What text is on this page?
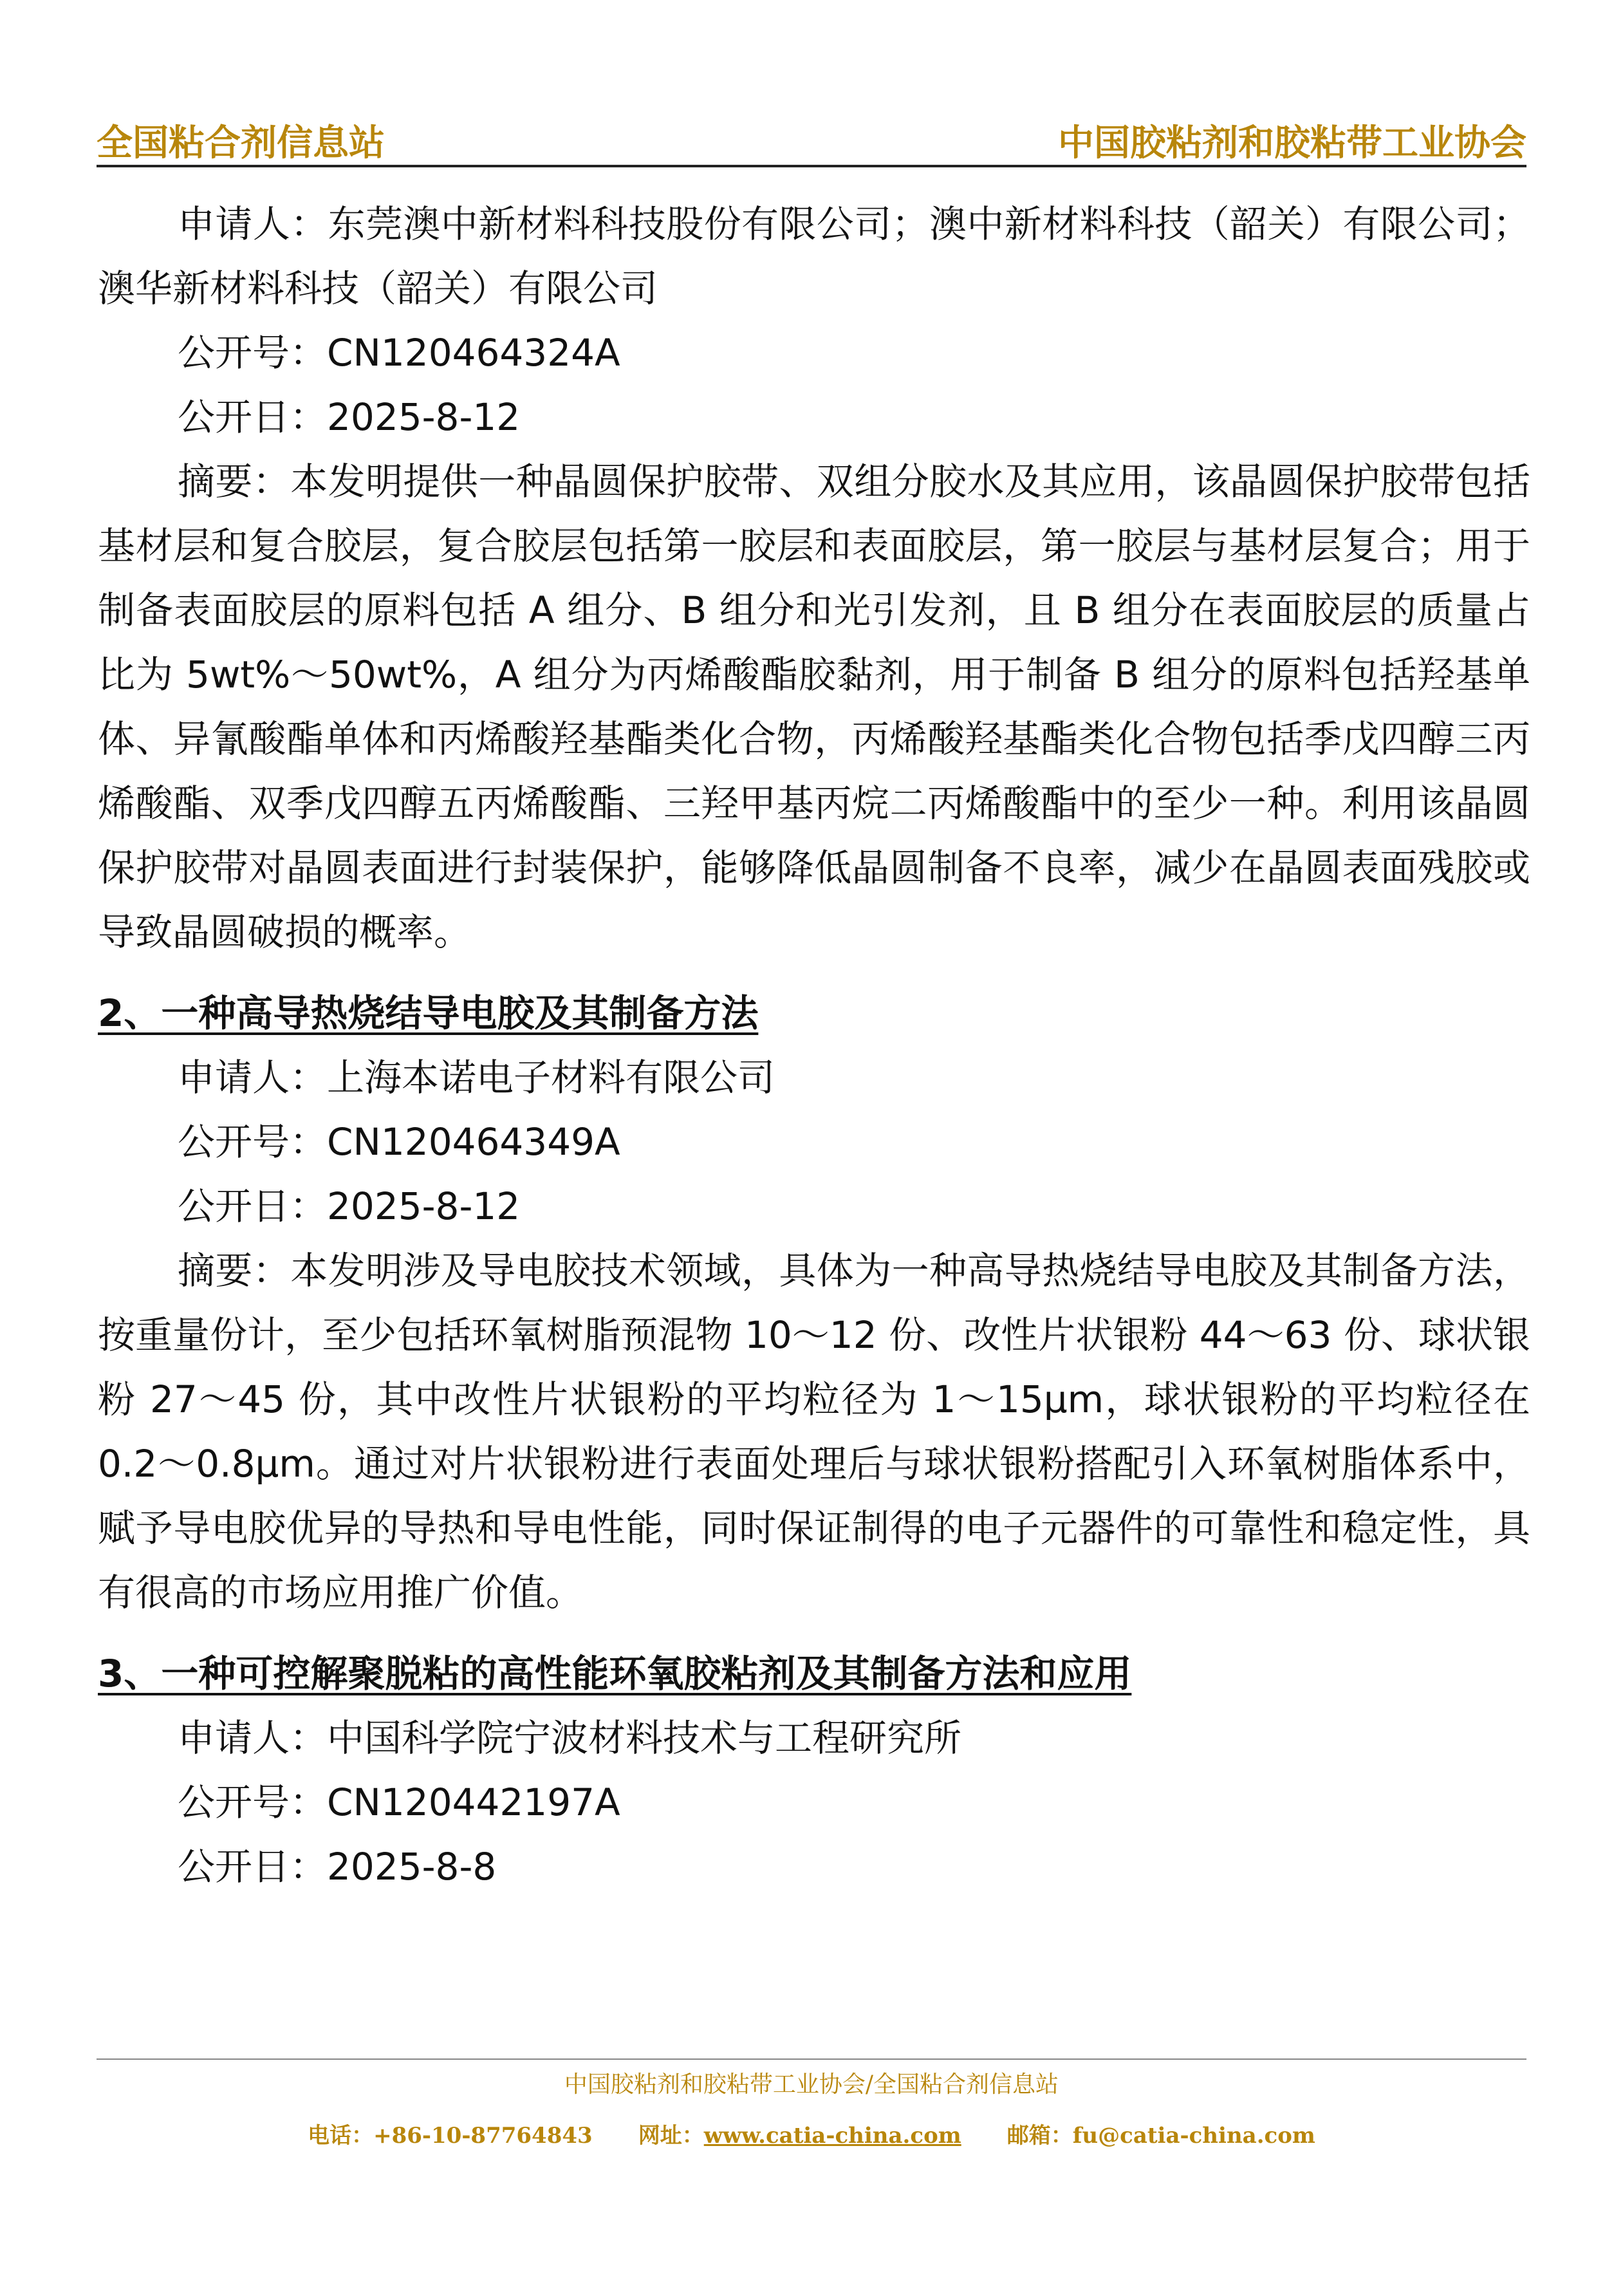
全国粘合剂信息站	中国胶粘剂和胶粘带工业协会

申请人：东莞澳中新材料科技股份有限公司；澳中新材料科技（韶关）有限公司；澳华新材料科技（韶关）有限公司

公开号：CN120464324A

公开日：2025-8-12

摘要：本发明提供一种晶圆保护胶带、双组分胶水及其应用，该晶圆保护胶带包括基材层和复合胶层，复合胶层包括第一胶层和表面胶层，第一胶层与基材层复合；用于制备表面胶层的原料包括 A 组分、B 组分和光引发剂，且 B 组分在表面胶层的质量占比为 5wt%～50wt%，A 组分为丙烯酸酯胶黏剂，用于制备 B 组分的原料包括羟基单体、异氰酸酯单体和丙烯酸羟基酯类化合物，丙烯酸羟基酯类化合物包括季戊四醇三丙烯酸酯、双季戊四醇五丙烯酸酯、三羟甲基丙烷二丙烯酸酯中的至少一种。利用该晶圆保护胶带对晶圆表面进行封装保护，能够降低晶圆制备不良率，减少在晶圆表面残胶或导致晶圆破损的概率。

2、一种高导热烧结导电胶及其制备方法

申请人：上海本诺电子材料有限公司

公开号：CN120464349A

公开日：2025-8-12

摘要：本发明涉及导电胶技术领域，具体为一种高导热烧结导电胶及其制备方法，按重量份计，至少包括环氧树脂预混物 10～12 份、改性片状银粉 44～63 份、球状银粉 27～45 份，其中改性片状银粉的平均粒径为 1～15μm，球状银粉的平均粒径在 0.2～0.8μm。通过对片状银粉进行表面处理后与球状银粉搭配引入环氧树脂体系中，赋予导电胶优异的导热和导电性能，同时保证制得的电子元器件的可靠性和稳定性，具有很高的市场应用推广价值。

3、一种可控解聚脱粘的高性能环氧胶粘剂及其制备方法和应用

申请人：中国科学院宁波材料技术与工程研究所

公开号：CN120442197A

公开日：2025-8-8

中国胶粘剂和胶粘带工业协会/全国粘合剂信息站
电话：+86-10-87764843 网址：www.catia-china.com 邮箱：fu@catia-china.com
